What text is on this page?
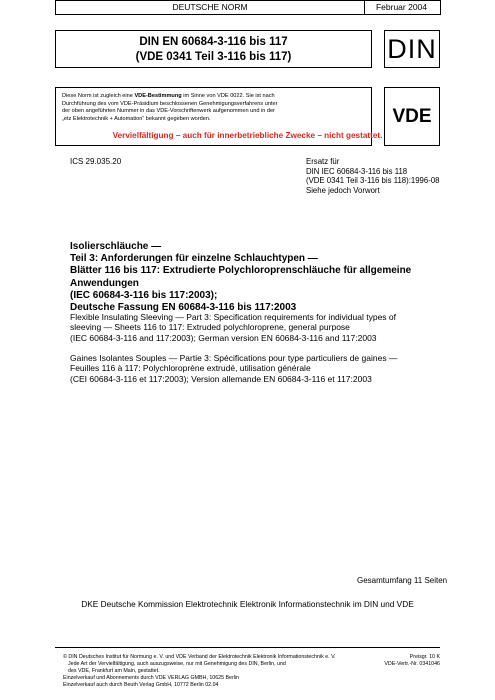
DEUTSCHE NORM	Februar 2004
DIN EN 60684-3-116 bis 117
(VDE 0341 Teil 3-116 bis 117)	DIN
Diese Norm ist zugleich eine VDE-Bestimmung im Sinne von VDE 0022. Sie ist nach
Durchführung des vom VDE-Präsidium beschlossenen Genehmigungsverfahrens unter
der oben angeführten Nummer in das VDE-Vorschriftenwerk aufgenommen und in der
„etz Elektrotechnik + Automation“ bekannt gegeben worden.	VDE
Vervielfältigung – auch für innerbetriebliche Zwecke – nicht gestattet.
ICS 29.035.20	Ersatz für
DIN IEC 60684-3-116 bis 118
(VDE 0341 Teil 3-116 bis 118):1996-08
Siehe jedoch Vorwort
Isolierschläuche —
Teil 3: Anforderungen für einzelne Schlauchtypen —
Blätter 116 bis 117: Extrudierte Polychloroprenschläuche für allgemeine
Anwendungen
(IEC 60684-3-116 bis 117:2003);
Deutsche Fassung EN 60684-3-116 bis 117:2003
Flexible Insulating Sleeving — Part 3: Specification requirements for individual types of
sleeving — Sheets 116 to 117: Extruded polychloroprene, general purpose
(IEC 60684-3-116 and 117:2003); German version EN 60684-3-116 and 117:2003
Gaines Isolantes Souples — Partie 3: Spécifications pour type particuliers de gaines —
Feuilles 116 à 117: Polychloroprène extrudé, utilisation générale
(CEI 60684-3-116 et 117:2003); Version allemande EN 60684-3-116 et 117:2003
Gesamtumfang 11 Seiten
DKE Deutsche Kommission Elektrotechnik Elektronik Informationstechnik im DIN und VDE
© DIN Deutsches Institut für Normung e. V. und VDE Verband der Elektrotechnik Elektronik Informationstechnik e. V.
Jede Art der Vervielfältigung, auch auszugsweise, nur mit Genehmigung des DIN, Berlin, und
des VDE, Frankfurt am Main, gestattet.
Einzelverkauf und Abonnements durch VDE VERLAG GMBH, 10625 Berlin
Einzelverkauf auch durch Beuth Verlag GmbH, 10772 Berlin 02.04
Preisgr. 10 K
VDE-Vertr.-Nr. 0341046
